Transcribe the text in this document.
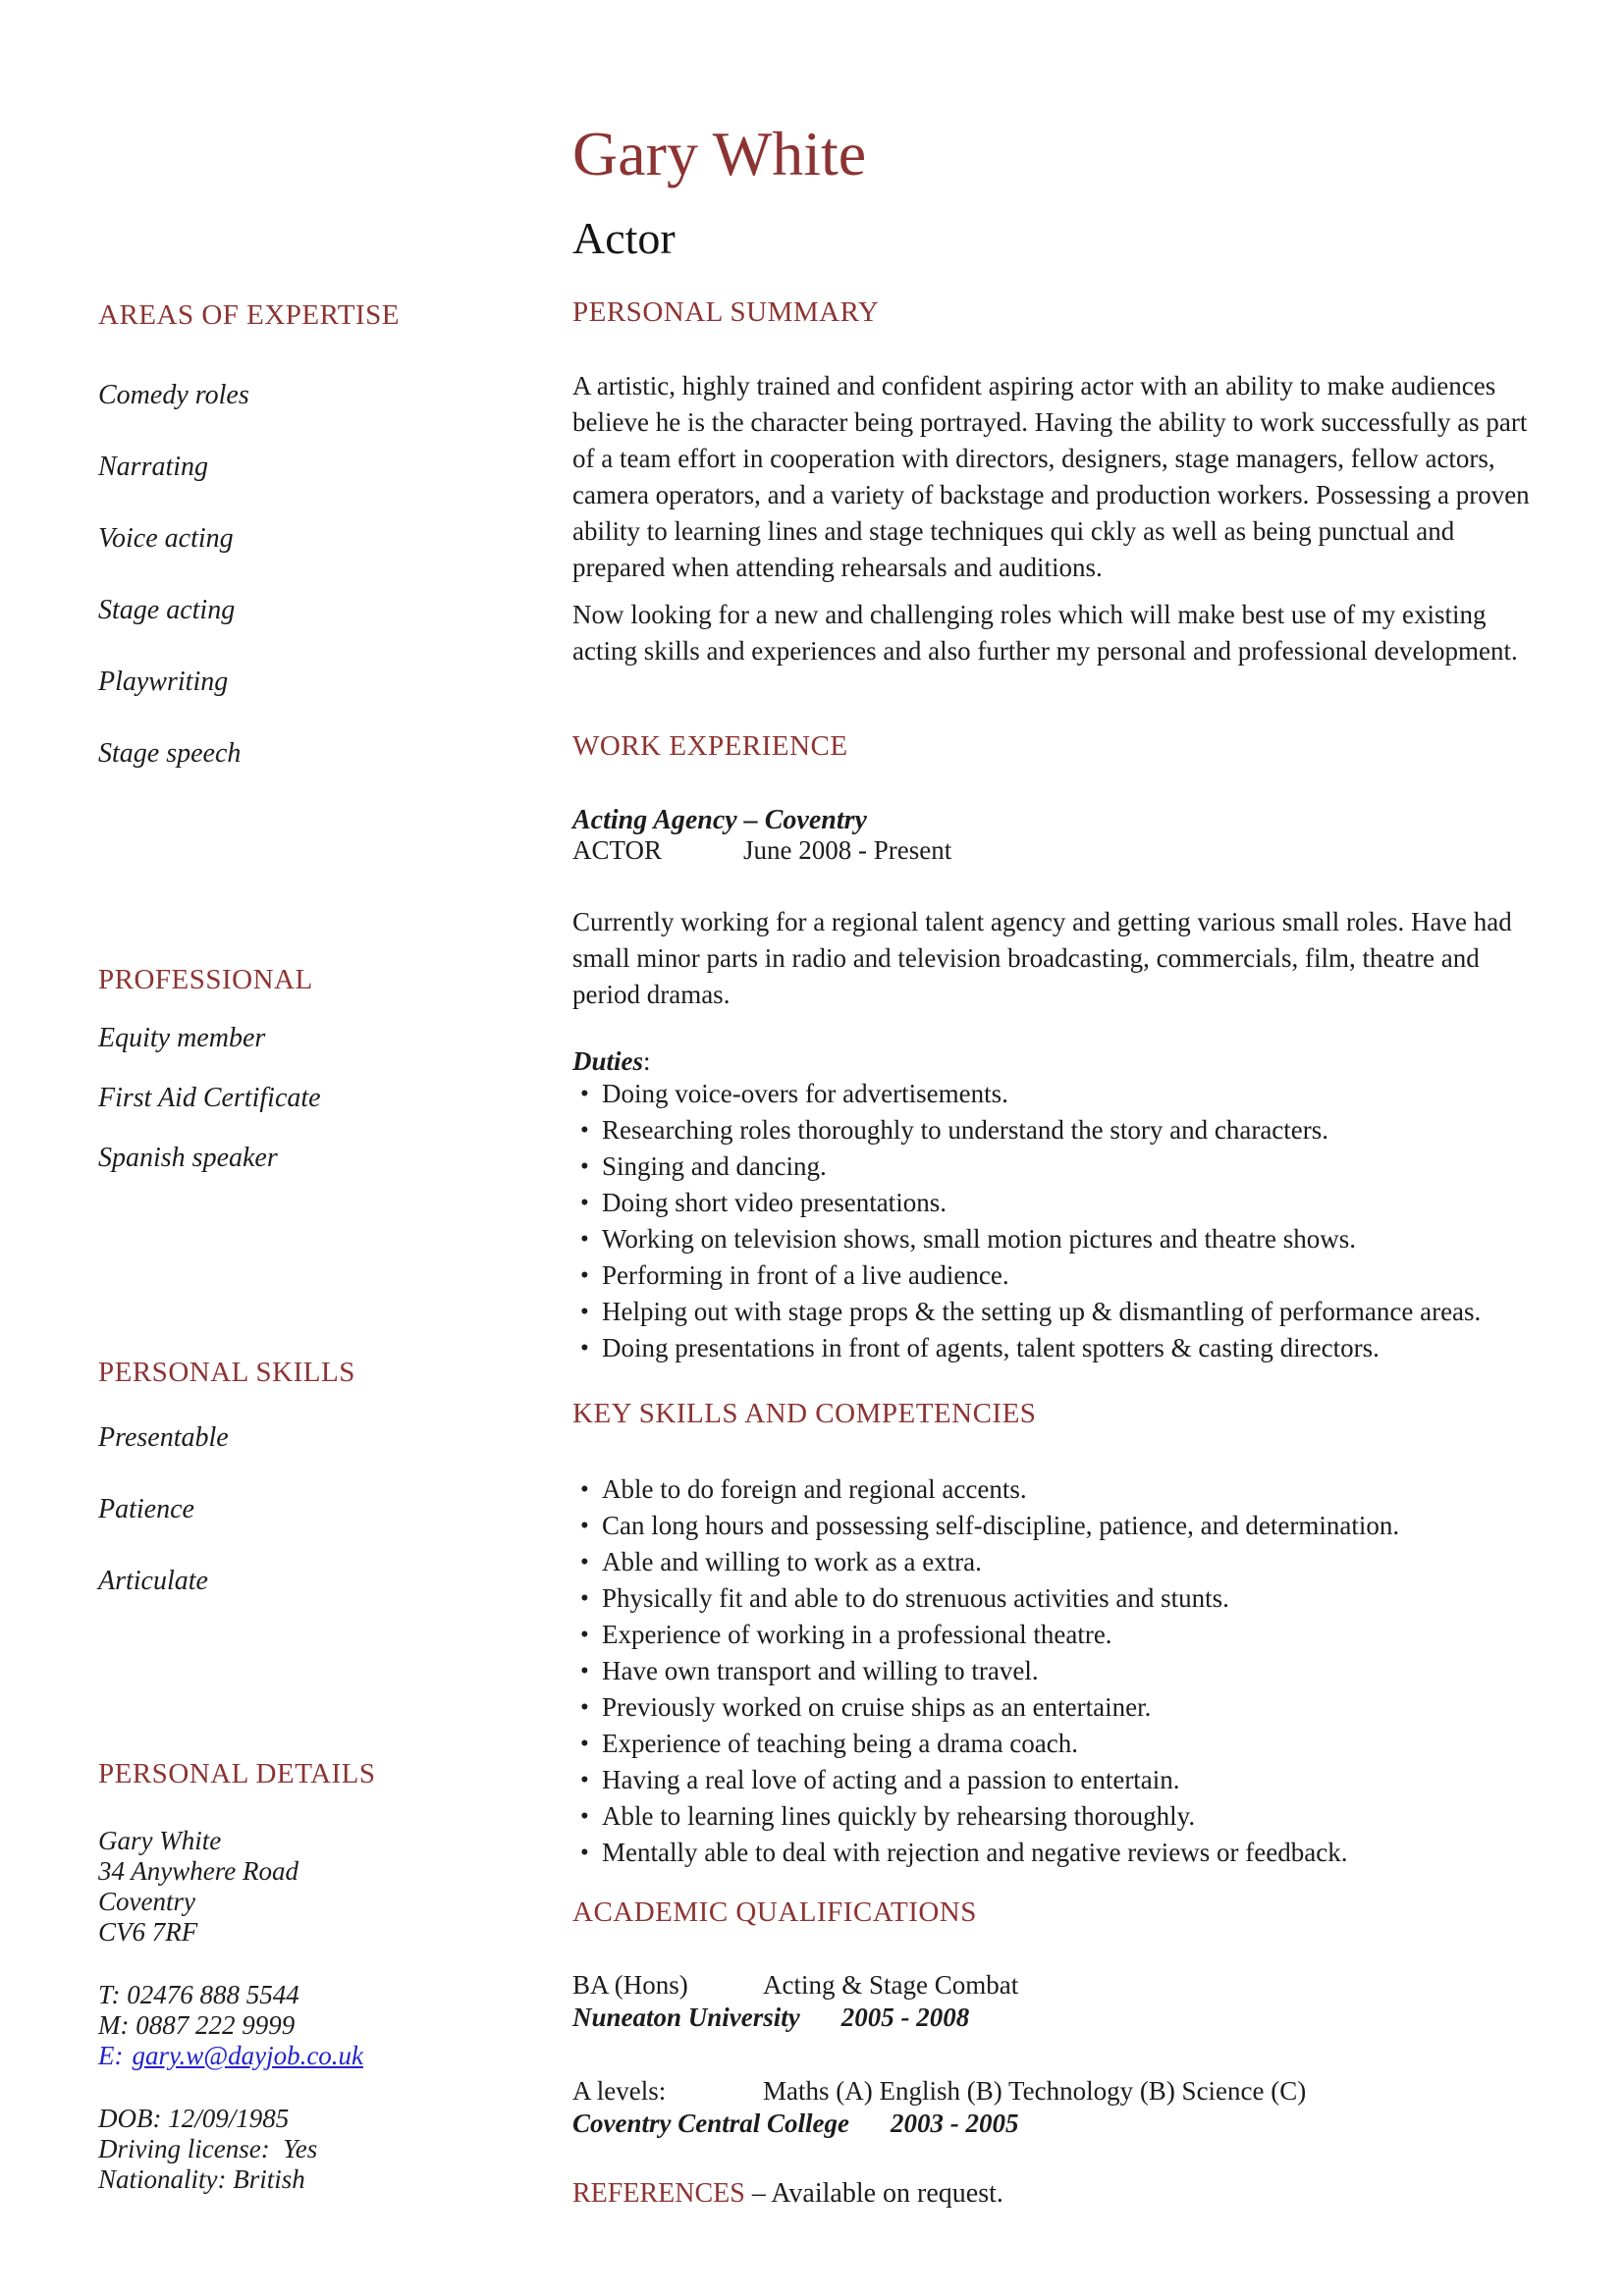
AREAS OF EXPERTISE
Comedy roles
Narrating
Voice acting
Stage acting
Playwriting
Stage speech
PROFESSIONAL
Equity member
First Aid Certificate
Spanish speaker
PERSONAL SKILLS
Presentable
Patience
Articulate
PERSONAL DETAILS
Gary White
34 Anywhere Road
Coventry
CV6 7RF
T: 02476 888 5544
M: 0887 222 9999
E: gary.w@dayjob.co.uk
DOB: 12/09/1985
Driving license:  Yes
Nationality: British
Gary White
Actor
PERSONAL SUMMARY

A artistic, highly trained and confident aspiring actor with an ability to make audiences believe he is the character being portrayed. Having the ability to work successfully as part of a team effort in cooperation with directors, designers, stage managers, fellow actors, camera operators, and a variety of backstage and production workers. Possessing a proven ability to learning lines and stage techniques qui ckly as well as being punctual and prepared when attending rehearsals and auditions.

Now looking for a new and challenging roles which will make best use of my existing acting skills and experiences and also further my personal and professional development.

WORK EXPERIENCE
Acting Agency – Coventry
ACTOR	June 2008 - Present

Currently working for a regional talent agency and getting various small roles. Have had small minor parts in radio and television broadcasting, commercials, film, theatre and period dramas.

Duties:
• Doing voice-overs for advertisements.
• Researching roles thoroughly to understand the story and characters.
• Singing and dancing.
• Doing short video presentations.
• Working on television shows, small motion pictures and theatre shows.
• Performing in front of a live audience.
• Helping out with stage props & the setting up & dismantling of performance areas.
• Doing presentations in front of agents, talent spotters & casting directors.
KEY SKILLS AND COMPETENCIES
• Able to do foreign and regional accents.
• Can long hours and possessing self-discipline, patience, and determination.
• Able and willing to work as a extra.
• Physically fit and able to do strenuous activities and stunts.
• Experience of working in a professional theatre.
• Have own transport and willing to travel.
• Previously worked on cruise ships as an entertainer.
• Experience of teaching being a drama coach.
• Having a real love of acting and a passion to entertain.
• Able to learning lines quickly by rehearsing thoroughly.
• Mentally able to deal with rejection and negative reviews or feedback.
ACADEMIC QUALIFICATIONS
BA (Hons)	Acting & Stage Combat
Nuneaton University 2005 - 2008
A levels:	Maths (A) English (B) Technology (B) Science (C)
Coventry Central College 2003 - 2005
REFERENCES – Available on request.
